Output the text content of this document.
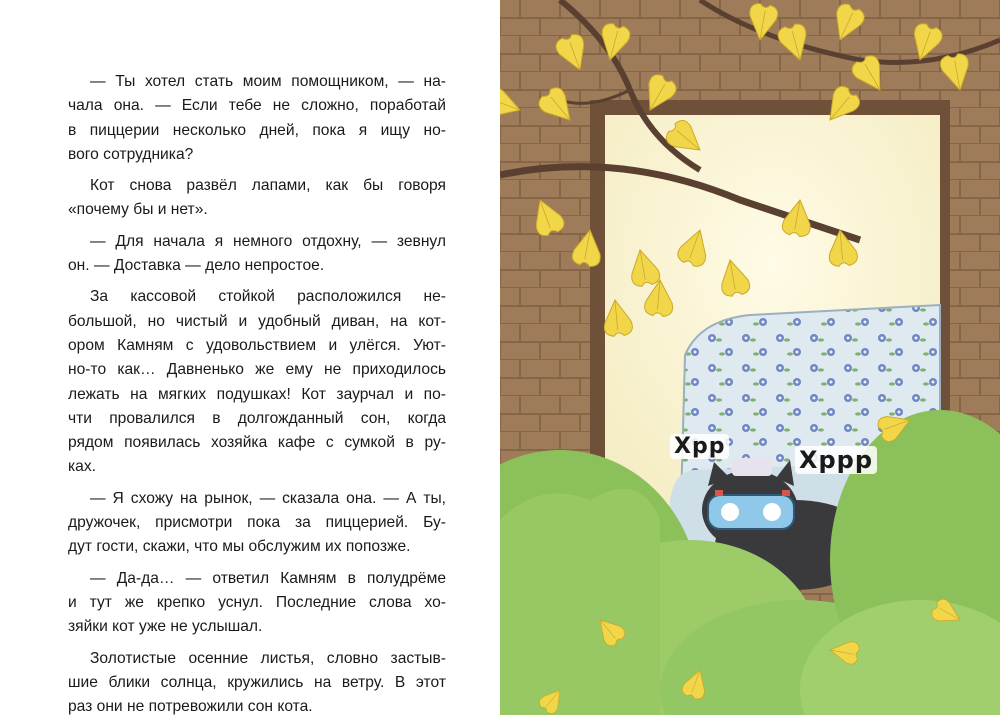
— Ты хотел стать моим помощником, — на-
чала она. — Если тебе не сложно, поработай
в пиццерии несколько дней, пока я ищу но-
вого сотрудника?
Кот снова развёл лапами, как бы говоря
«почему бы и нет».
— Для начала я немного отдохну, — зевнул
он. — Доставка — дело непростое.
За кассовой стойкой расположился не-
большой, но чистый и удобный диван, на кот-
ором Камням с удовольствием и улёгся. Уют-
но-то как… Давненько же ему не приходилось
лежать на мягких подушках! Кот заурчал и по-
чти провалился в долгожданный сон, когда
рядом появилась хозяйка кафе с сумкой в ру-
ках.
— Я схожу на рынок, — сказала она. — А ты,
дружочек, присмотри пока за пиццерией. Бу-
дут гости, скажи, что мы обслужим их попозже.
— Да-да… — ответил Камням в полудрёме
и тут же крепко уснул. Последние слова хо-
зяйки кот уже не услышал.
Золотистые осенние листья, словно застыв-
шие блики солнца, кружились на ветру. В этот
раз они не потревожили сон кота.
Хрр	Хррр
